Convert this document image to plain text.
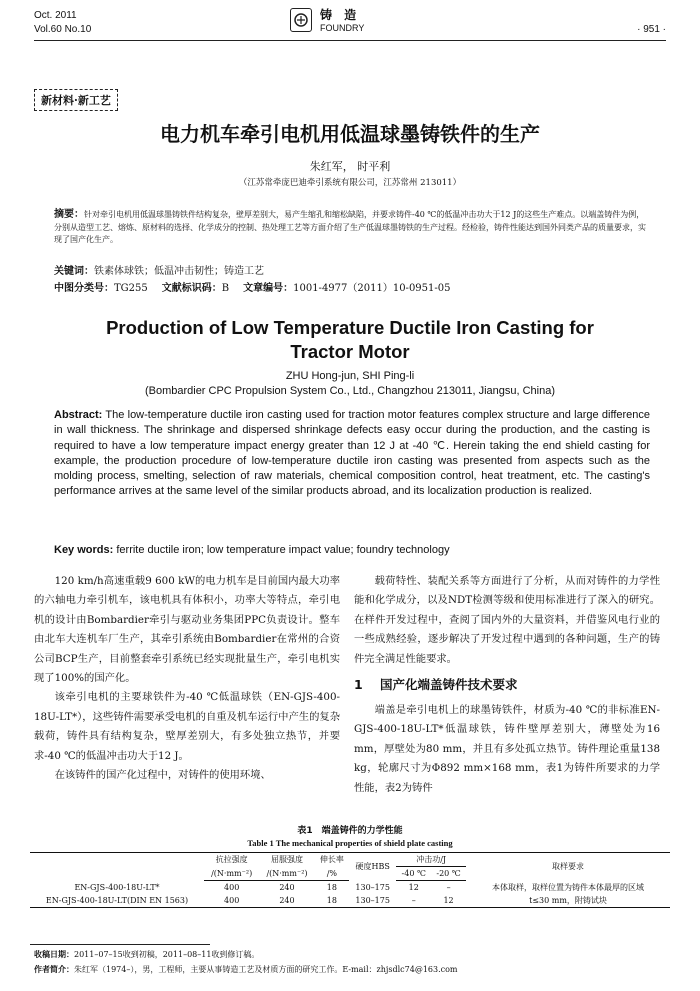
Oct. 2011
Vol.60 No.10
铸 造
FOUNDRY	· 951 ·
新材料·新工艺
电力机车牵引电机用低温球墨铸铁件的生产
朱红军， 时平利
（江苏常牵庞巴迪牵引系统有限公司，江苏常州 213011）
摘要：针对牵引电机用低温球墨铸铁件结构复杂，壁厚差别大，易产生缩孔和缩松缺陷，并要求铸件-40 ℃的低温冲击功大于12 J的这些生产难点。以端盖铸件为例，分别从造型工艺、熔炼、原材料的选择、化学成分的控制、热处理工艺等方面介绍了生产低温球墨铸铁的生产过程。经检验，铸件性能达到国外同类产品的质量要求，实现了国产化生产。
关键词：铁素体球铁；低温冲击韧性；铸造工艺
中图分类号：TG255 文献标识码：B 文章编号：1001-4977（2011）10-0951-05
Production of Low Temperature Ductile Iron Casting for Tractor Motor
ZHU Hong-jun, SHI Ping-li
(Bombardier CPC Propulsion System Co., Ltd., Changzhou 213011, Jiangsu, China)
Abstract: The low-temperature ductile iron casting used for traction motor features complex structure and large difference in wall thickness. The shrinkage and dispersed shrinkage defects easy occur during the production, and the casting is required to have a low temperature impact energy greater than 12 J at -40 ℃. Herein taking the end shield casting for example, the production procedure of low-temperature ductile iron casting was presented from aspects such as the molding process, smelting, selection of raw materials, chemical composition control, heat treatment, etc. The casting's performance arrives at the same level of the similar products abroad, and its localization production is realized.
Key words: ferrite ductile iron; low temperature impact value; foundry technology

120 km/h高速重载9 600 kW的电力机车是目前国内最大功率的六轴电力牵引机车，该电机具有体积小，功率大等特点，牵引电机的设计由Bombardier牵引与驱动业务集团PPC负责设计。整车由北车大连机车厂生产，其牵引系统由Bombardier在常州的合资公司BCP生产，目前整套牵引系统已经实现批量生产，牵引电机实现了100%的国产化。

该牵引电机的主要球铁件为-40 ℃低温球铁（EN-GJS-400-18U-LT*），这些铸件需要承受电机的自重及机车运行中产生的复杂载荷，铸件具有结构复杂，壁厚差别大，有多处独立热节，并要求-40 ℃的低温冲击功大于12 J。

在该铸件的国产化过程中，对铸件的使用环境、

载荷特性、装配关系等方面进行了分析，从而对铸件的力学性能和化学成分，以及NDT检测等级和使用标准进行了深入的研究。在样件开发过程中，查阅了国内外的大量资料，并借鉴风电行业的一些成熟经验，逐步解决了开发过程中遇到的各种问题，生产的铸件完全满足性能要求。

1 国产化端盖铸件技术要求

端盖是牵引电机上的球墨铸铁件，材质为-40 ℃的非标准EN-GJS-400-18U-LT*低温球铁，铸件壁厚差别大，薄壁处为16 mm，厚壁处为80 mm，并且有多处孤立热节。铸件理论重量138 kg，轮廓尺寸为Φ892 mm×168 mm，表1为铸件所要求的力学性能，表2为铸件

表1　端盖铸件的力学性能
Table 1 The mechanical properties of shield plate casting
	抗拉强度	屈服强度	伸长率	硬度HBS	冲击功/J		取样要求
	/(N·mm⁻²)	/(N·mm⁻²)	/%		-40 ℃	-20 ℃	
EN-GJS-400-18U-LT*	400	240	18	130–175	12	–	本体取样，取样位置为铸件本体最厚的区域
EN-GJS-400-18U-LT(DIN EN 1563)	400	240	18	130–175	–	12	t≤30 mm，附铸试块
收稿日期：2011–07–15收到初稿，2011–08–11收到修订稿。
作者简介：朱红军（1974–），男，工程师，主要从事铸造工艺及材质方面的研究工作。E-mail：zhjsdlc74@163.com
